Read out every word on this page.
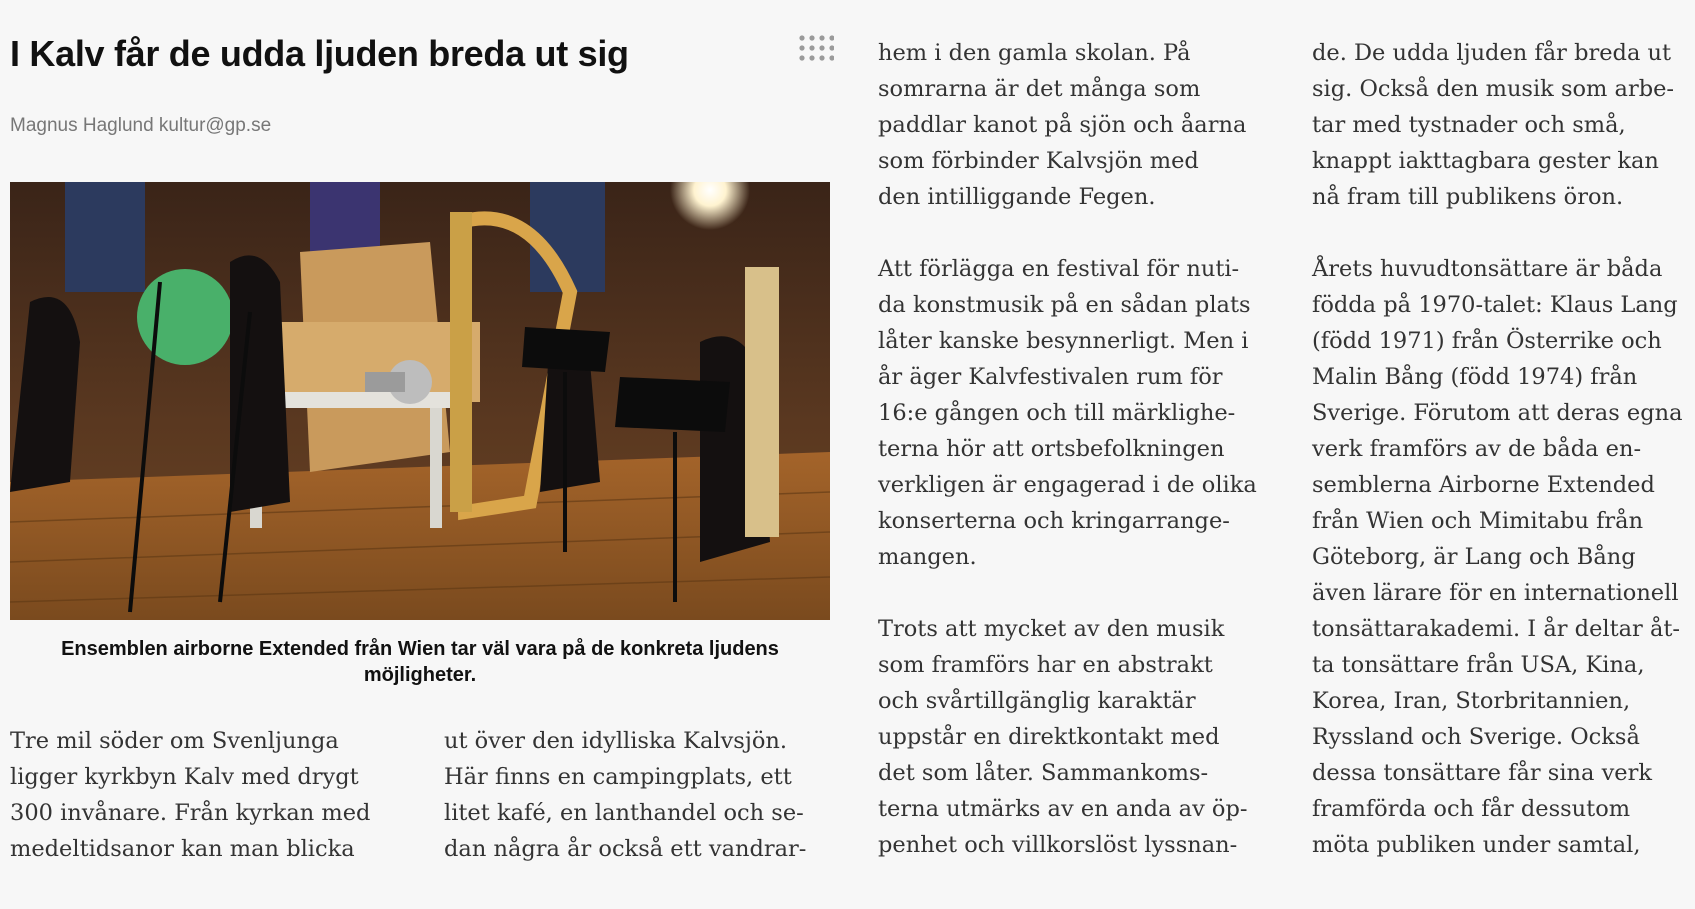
I Kalv får de udda ljuden breda ut sig
Magnus Haglund kultur@gp.se
Ensemblen airborne Extended från Wien tar väl vara på de konkreta ljudens möjligheter.

Tre mil söder om Svenljunga
ligger kyrkbyn Kalv med drygt
300 invånare. Från kyrkan med
medeltidsanor kan man blicka

ut över den idylliska Kalvsjön.
Här finns en campingplats, ett
litet kafé, en lanthandel och se-
dan några år också ett vandrar-

hem i den gamla skolan. På
somrarna är det många som
paddlar kanot på sjön och åarna
som förbinder Kalvsjön med
den intilliggande Fegen.

Att förlägga en festival för nuti-
da konstmusik på en sådan plats
låter kanske besynnerligt. Men i
år äger Kalvfestivalen rum för
16:e gången och till märklighe-
terna hör att ortsbefolkningen
verkligen är engagerad i de olika
konserterna och kringarrange-
mangen.

Trots att mycket av den musik
som framförs har en abstrakt
och svårtillgänglig karaktär
uppstår en direktkontakt med
det som låter. Sammankoms-
terna utmärks av en anda av öp-
penhet och villkorslöst lyssnan-

de. De udda ljuden får breda ut
sig. Också den musik som arbe-
tar med tystnader och små,
knappt iakttagbara gester kan
nå fram till publikens öron.

Årets huvudtonsättare är båda
födda på 1970-talet: Klaus Lang
(född 1971) från Österrike och
Malin Bång (född 1974) från
Sverige. Förutom att deras egna
verk framförs av de båda en-
semblerna Airborne Extended
från Wien och Mimitabu från
Göteborg, är Lang och Bång
även lärare för en internationell
tonsättarakademi. I år deltar åt-
ta tonsättare från USA, Kina,
Korea, Iran, Storbritannien,
Ryssland och Sverige. Också
dessa tonsättare får sina verk
framförda och får dessutom
möta publiken under samtal,
